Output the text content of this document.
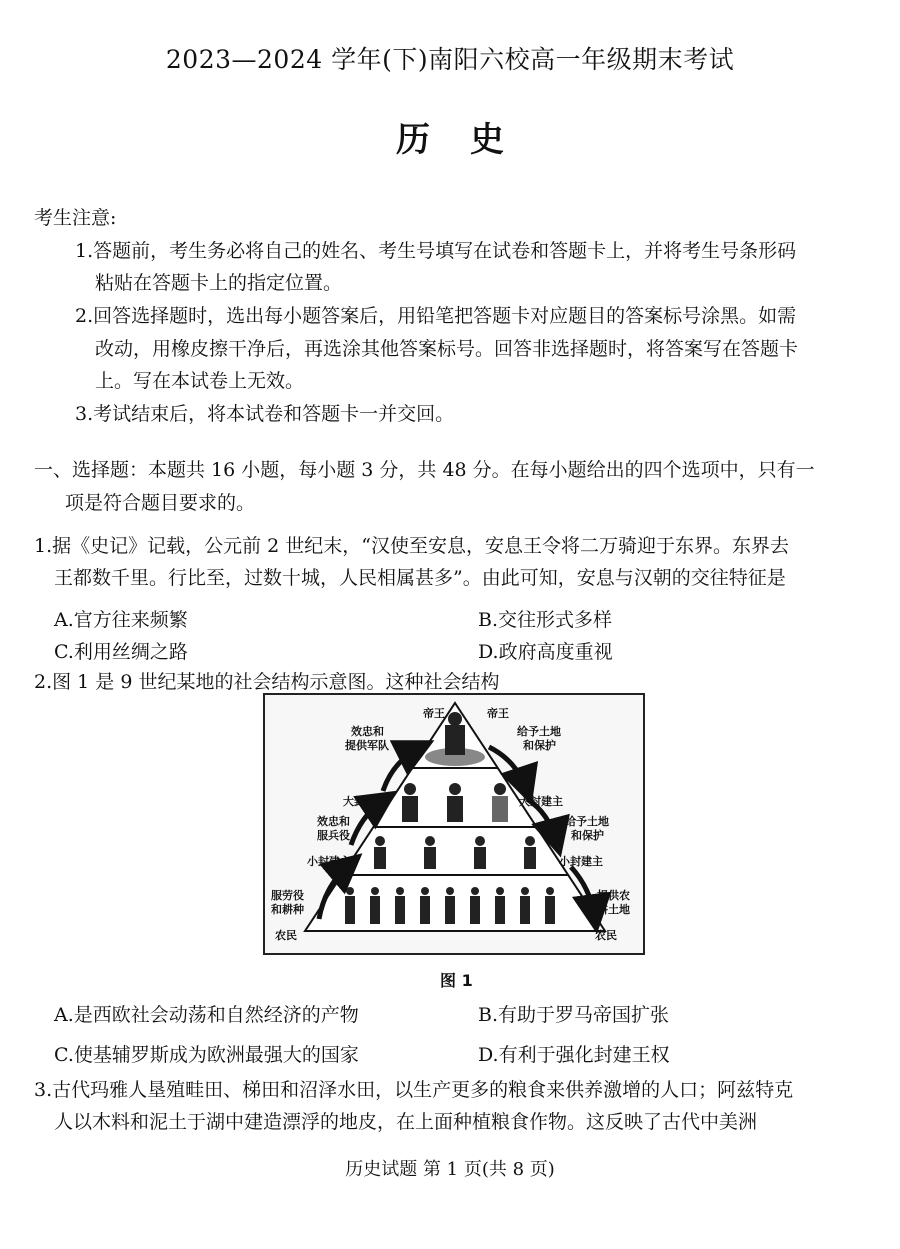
2023—2024 学年(下)南阳六校高一年级期末考试
历史
考生注意:
1.答题前，考生务必将自己的姓名、考生号填写在试卷和答题卡上，并将考生号条形码
粘贴在答题卡上的指定位置。
2.回答选择题时，选出每小题答案后，用铅笔把答题卡对应题目的答案标号涂黑。如需
改动，用橡皮擦干净后，再选涂其他答案标号。回答非选择题时，将答案写在答题卡
上。写在本试卷上无效。
3.考试结束后，将本试卷和答题卡一并交回。
一、选择题：本题共 16 小题，每小题 3 分，共 48 分。在每小题给出的四个选项中，只有一
项是符合题目要求的。
1.据《史记》记载，公元前 2 世纪末，“汉使至安息，安息王令将二万骑迎于东界。东界去
王都数千里。行比至，过数十城，人民相属甚多”。由此可知，安息与汉朝的交往特征是
A.官方往来频繁	B.交往形式多样
C.利用丝绸之路	D.政府高度重视
2.图 1 是 9 世纪某地的社会结构示意图。这种社会结构
帝王	帝王
效忠和
提供军队
给予土地
和保护
大封建主	大封建主
效忠和
服兵役
给予土地
和保护
小封建主	小封建主
服劳役
和耕种
提供农
耕土地
农民	农民
图 1
A.是西欧社会动荡和自然经济的产物	B.有助于罗马帝国扩张
C.使基辅罗斯成为欧洲最强大的国家	D.有利于强化封建王权
3.古代玛雅人垦殖畦田、梯田和沼泽水田，以生产更多的粮食来供养激增的人口；阿兹特克
人以木料和泥土于湖中建造漂浮的地皮，在上面种植粮食作物。这反映了古代中美洲
历史试题 第 1 页(共 8 页)
